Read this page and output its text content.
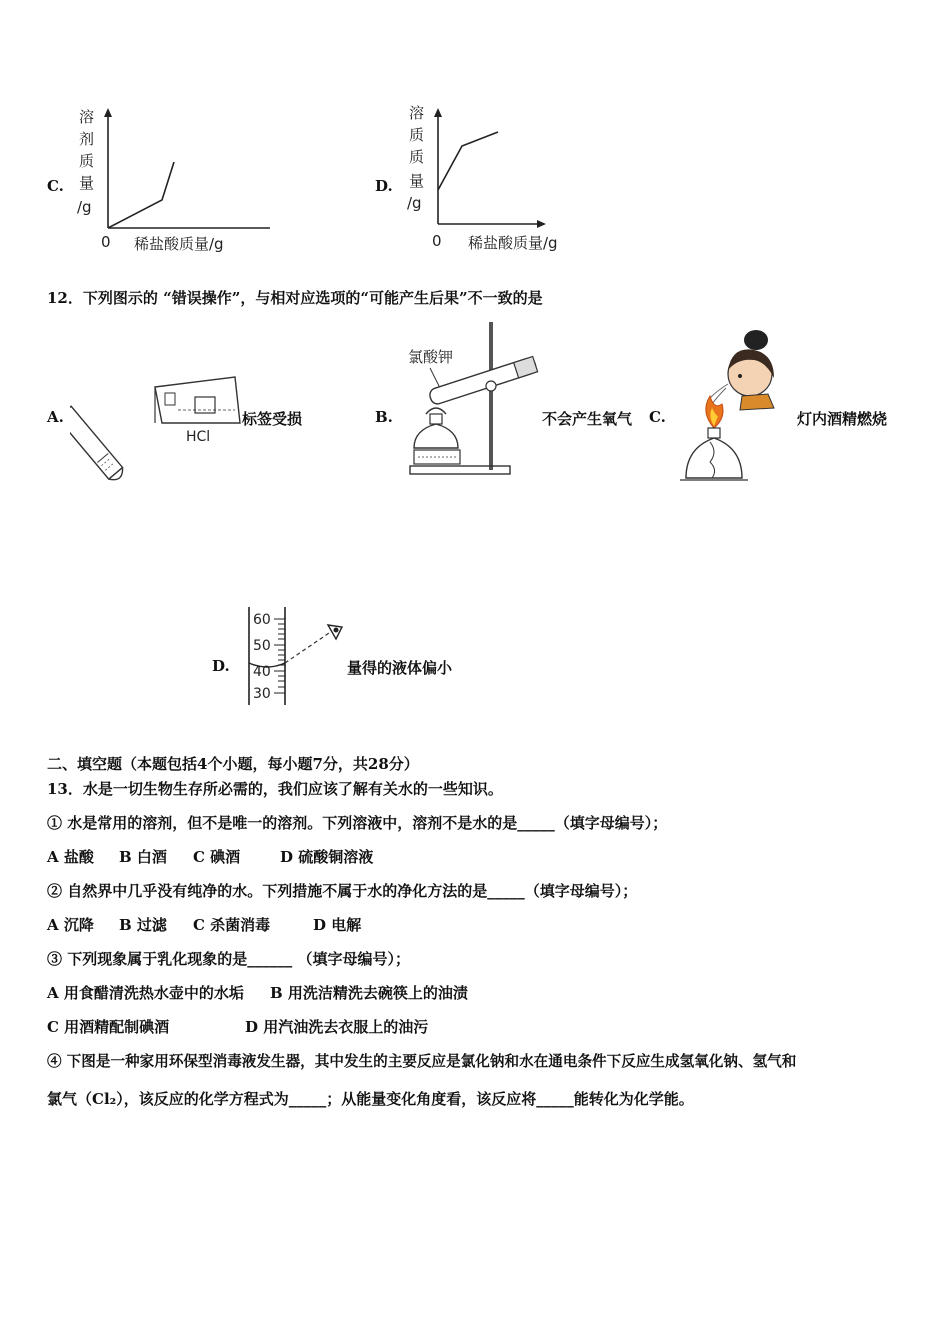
C.
溶
剂
质
量
/g
0 稀盐酸质量/g
D.
溶
质
质
量
/g
0 稀盐酸质量/g
12．下列图示的 “错误操作”，与相对应选项的“可能产生后果”不一致的是
A.
HCl
标签受损	B.
氯酸钾
不会产生氧气 C.	灯内酒精燃烧
D.
60
50
40
30
量得的液体偏小
二、填空题（本题包括4个小题，每小题7分，共28分）
13．水是一切生物生存所必需的，我们应该了解有关水的一些知识。
① 水是常用的溶剂，但不是唯一的溶剂。下列溶液中，溶剂不是水的是_____（填字母编号）；
A 盐酸 B 白酒 C 碘酒	D 硫酸铜溶液
② 自然界中几乎没有纯净的水。下列措施不属于水的净化方法的是_____（填字母编号）；
A 沉降 B 过滤 C 杀菌消毒	D 电解
③ 下列现象属于乳化现象的是______ （填字母编号）；
A 用食醋清洗热水壶中的水垢 B 用洗洁精洗去碗筷上的油渍
C 用酒精配制碘酒	D 用汽油洗去衣服上的油污
④ 下图是一种家用环保型消毒液发生器，其中发生的主要反应是氯化钠和水在通电条件下反应生成氢氧化钠、氢气和
氯气（Cl₂），该反应的化学方程式为_____；从能量变化角度看，该反应将_____能转化为化学能。
